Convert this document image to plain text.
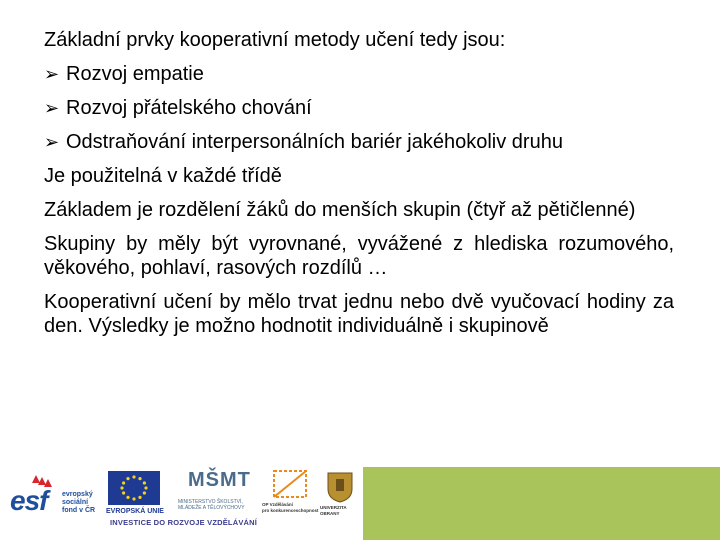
Základní prvky kooperativní metody učení tedy jsou:

➢ Rozvoj empatie
➢ Rozvoj přátelského chování
➢ Odstraňování interpersonálních bariér jakéhokoliv druhu

Je použitelná v každé třídě

Základem je rozdělení žáků do menších skupin (čtyř až pětičlenné)

Skupiny by měly být vyrovnané, vyvážené z hlediska rozumového, věkového, pohlaví, rasových rozdílů …

Kooperativní učení by mělo trvat jednu nebo dvě vyučovací hodiny za den. Výsledky je možno hodnotit individuálně i skupinově

esf evropský
sociální
fond v ČR EVROPSKÁ UNIE
MŠMT
MINISTERSTVO ŠKOLSTVÍ,
MLÁDEŽE A TĚLOVÝCHOVY
OP Vzdělávání
pro konkurenceschopnost
UNIVERZITA
OBRANY
INVESTICE DO ROZVOJE VZDĚLÁVÁNÍ
